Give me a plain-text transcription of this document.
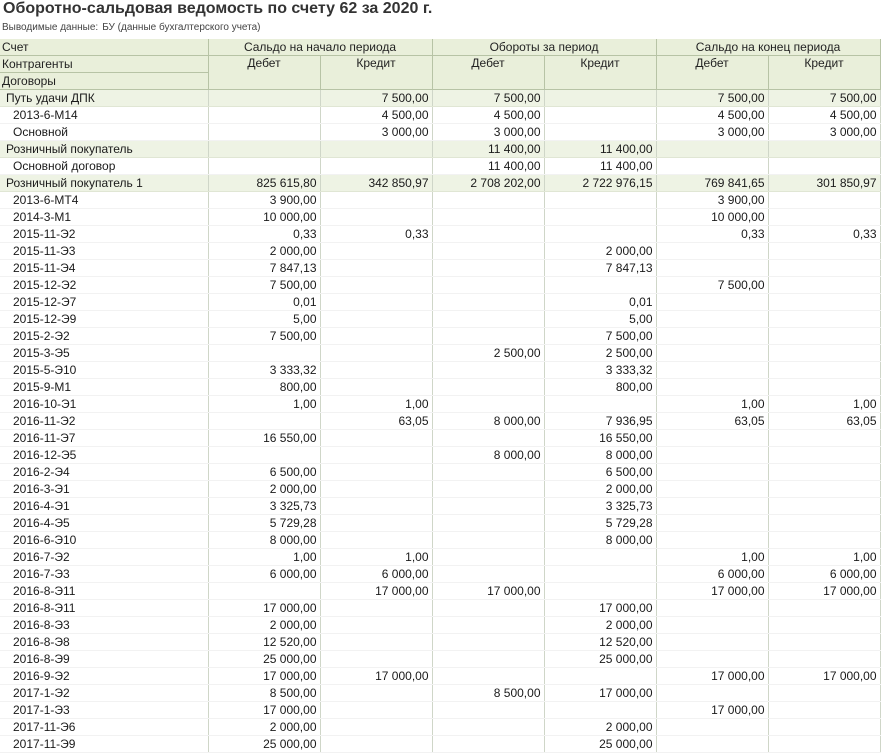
Оборотно-сальдовая ведомость по счету 62 за 2020 г.
Выводимые данные: БУ (данные бухгалтерского учета)
Счет	Сальдо на начало периода		Обороты за период		Сальдо на конец периода	
Контрагенты	Дебет	Кредит	Дебет	Кредит	Дебет	Кредит
Договоры						
Путь удачи ДПК		7 500,00	7 500,00		7 500,00	7 500,00
2013-6-М14		4 500,00	4 500,00		4 500,00	4 500,00
Основной		3 000,00	3 000,00		3 000,00	3 000,00
Розничный покупатель			11 400,00	11 400,00		
Основной договор			11 400,00	11 400,00		
Розничный покупатель 1	825 615,80	342 850,97	2 708 202,00	2 722 976,15	769 841,65	301 850,97
2013-6-МТ4	3 900,00				3 900,00	
2014-3-М1	10 000,00				10 000,00	
2015-11-Э2	0,33	0,33			0,33	0,33
2015-11-Э3	2 000,00			2 000,00		
2015-11-Э4	7 847,13			7 847,13		
2015-12-Э2	7 500,00				7 500,00	
2015-12-Э7	0,01			0,01		
2015-12-Э9	5,00			5,00		
2015-2-Э2	7 500,00			7 500,00		
2015-3-Э5			2 500,00	2 500,00		
2015-5-Э10	3 333,32			3 333,32		
2015-9-М1	800,00			800,00		
2016-10-Э1	1,00	1,00			1,00	1,00
2016-11-Э2		63,05	8 000,00	7 936,95	63,05	63,05
2016-11-Э7	16 550,00			16 550,00		
2016-12-Э5			8 000,00	8 000,00		
2016-2-Э4	6 500,00			6 500,00		
2016-3-Э1	2 000,00			2 000,00		
2016-4-Э1	3 325,73			3 325,73		
2016-4-Э5	5 729,28			5 729,28		
2016-6-Э10	8 000,00			8 000,00		
2016-7-Э2	1,00	1,00			1,00	1,00
2016-7-Э3	6 000,00	6 000,00			6 000,00	6 000,00
2016-8-Э11		17 000,00	17 000,00		17 000,00	17 000,00
2016-8-Э11	17 000,00			17 000,00		
2016-8-Э3	2 000,00			2 000,00		
2016-8-Э8	12 520,00			12 520,00		
2016-8-Э9	25 000,00			25 000,00		
2016-9-Э2	17 000,00	17 000,00			17 000,00	17 000,00
2017-1-Э2	8 500,00		8 500,00	17 000,00		
2017-1-Э3	17 000,00				17 000,00	
2017-11-Э6	2 000,00			2 000,00		
2017-11-Э9	25 000,00			25 000,00		
